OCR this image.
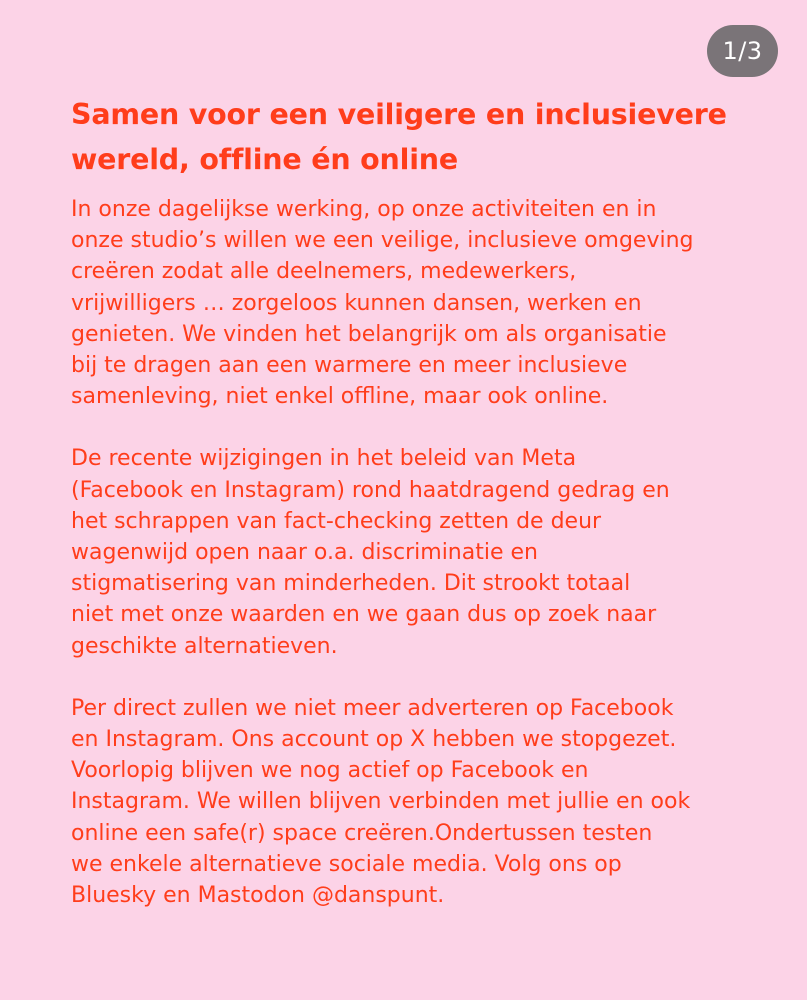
1/3
Samen voor een veiligere en inclusievere
wereld, offline én online

In onze dagelijkse werking, op onze activiteiten en in
onze studio’s willen we een veilige, inclusieve omgeving
creëren zodat alle deelnemers, medewerkers,
vrijwilligers … zorgeloos kunnen dansen, werken en
genieten. We vinden het belangrijk om als organisatie
bij te dragen aan een warmere en meer inclusieve
samenleving, niet enkel offline, maar ook online.

De recente wijzigingen in het beleid van Meta
(Facebook en Instagram) rond haatdragend gedrag en
het schrappen van fact-checking zetten de deur
wagenwijd open naar o.a. discriminatie en
stigmatisering van minderheden. Dit strookt totaal
niet met onze waarden en we gaan dus op zoek naar
geschikte alternatieven.

Per direct zullen we niet meer adverteren op Facebook
en Instagram. Ons account op X hebben we stopgezet.
Voorlopig blijven we nog actief op Facebook en
Instagram. We willen blijven verbinden met jullie en ook
online een safe(r) space creëren.Ondertussen testen
we enkele alternatieve sociale media. Volg ons op
Bluesky en Mastodon @danspunt.
